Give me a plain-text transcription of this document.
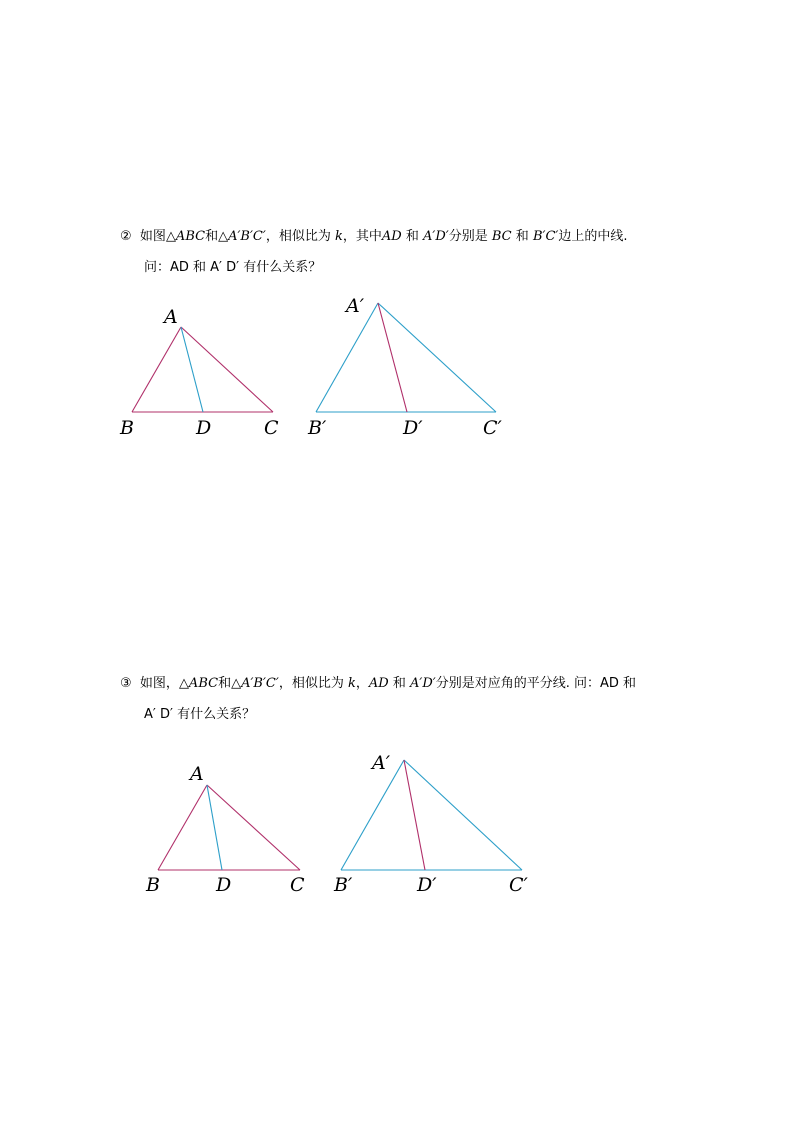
② 如图△ABC和△A′B′C′，相似比为 k，其中AD 和 A′D′分别是 BC 和 B′C′边上的中线.
问：AD 和 A′ D′ 有什么关系？
③ 如图，△ABC和△A′B′C′，相似比为 k，AD 和 A′D′分别是对应角的平分线. 问：AD 和
A′ D′ 有什么关系？
A
B	D	C
A′
B′	D′	C′
A
B	D	C
A′
B′	D′	C′
